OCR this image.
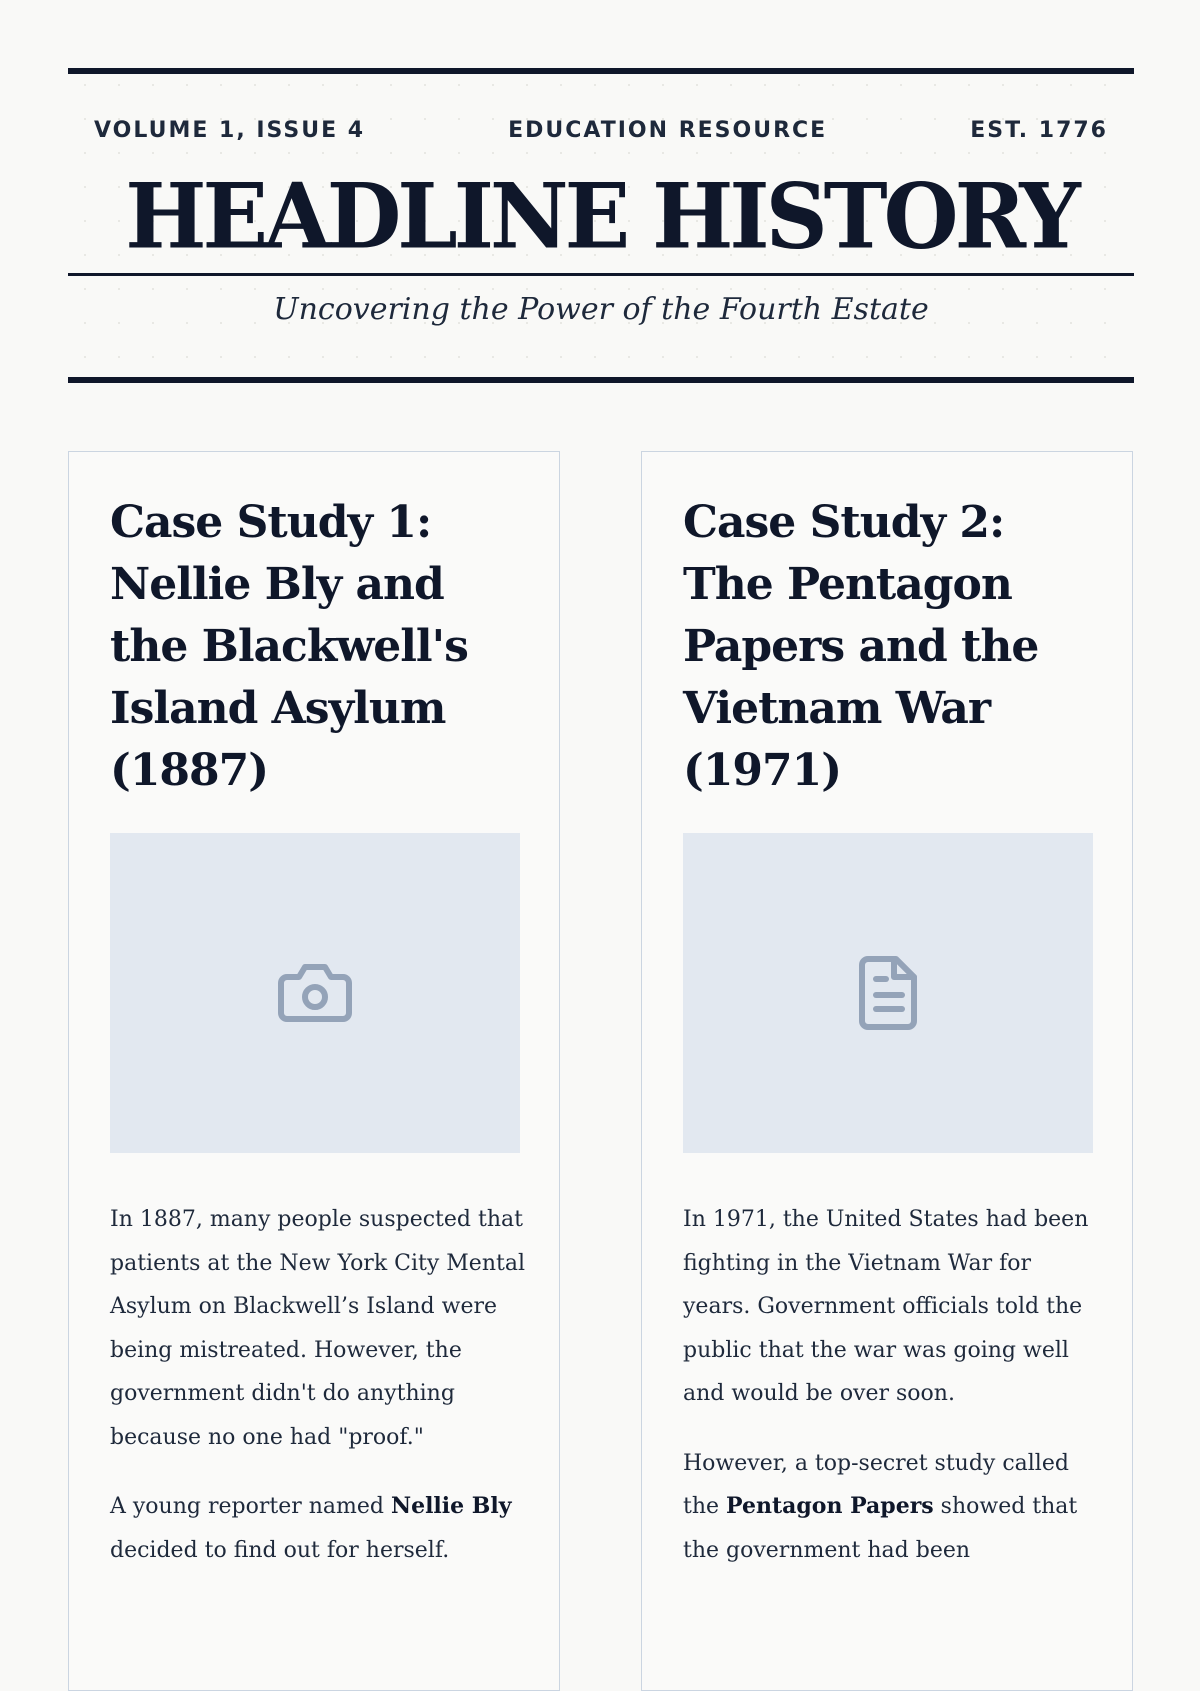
VOLUME 1, ISSUE 4	EDUCATION RESOURCE	EST. 1776
HEADLINE HISTORY
Uncovering the Power of the Fourth Estate
Case Study 1: Nellie Bly and the Blackwell's Island Asylum (1887)

In 1887, many people suspected that patients at the New York City Mental Asylum on Blackwell’s Island were being mistreated. However, the government didn't do anything because no one had "proof."

A young reporter named Nellie Bly decided to find out for herself.

Case Study 2: The Pentagon Papers and the Vietnam War (1971)

In 1971, the United States had been fighting in the Vietnam War for years. Government officials told the public that the war was going well and would be over soon.

However, a top-secret study called the Pentagon Papers showed that the government had been
